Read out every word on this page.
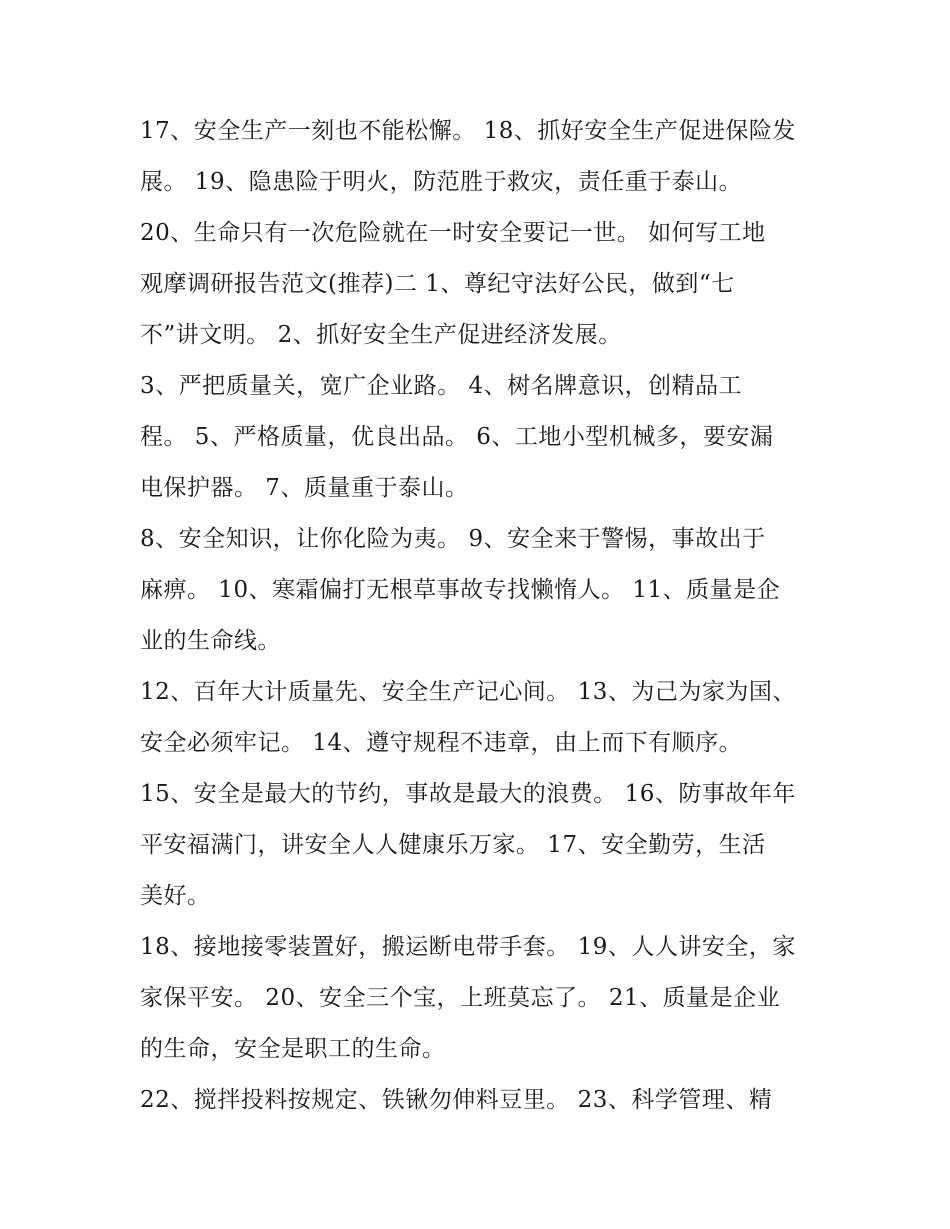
17、安全生产一刻也不能松懈。 18、抓好安全生产促进保险发
展。 19、隐患险于明火，防范胜于救灾，责任重于泰山。
20、生命只有一次危险就在一时安全要记一世。 如何写工地
观摩调研报告范文(推荐)二 1、尊纪守法好公民，做到“七
不”讲文明。 2、抓好安全生产促进经济发展。
3、严把质量关，宽广企业路。 4、树名牌意识，创精品工
程。 5、严格质量，优良出品。 6、工地小型机械多，要安漏
电保护器。 7、质量重于泰山。
8、安全知识，让你化险为夷。 9、安全来于警惕，事故出于
麻痹。 10、寒霜偏打无根草事故专找懒惰人。 11、质量是企
业的生命线。
12、百年大计质量先、安全生产记心间。 13、为己为家为国、
安全必须牢记。 14、遵守规程不违章，由上而下有顺序。
15、安全是最大的节约，事故是最大的浪费。 16、防事故年年
平安福满门，讲安全人人健康乐万家。 17、安全勤劳，生活
美好。
18、接地接零装置好，搬运断电带手套。 19、人人讲安全，家
家保平安。 20、安全三个宝，上班莫忘了。 21、质量是企业
的生命，安全是职工的生命。
22、搅拌投料按规定、铁锹勿伸料豆里。 23、科学管理、精
